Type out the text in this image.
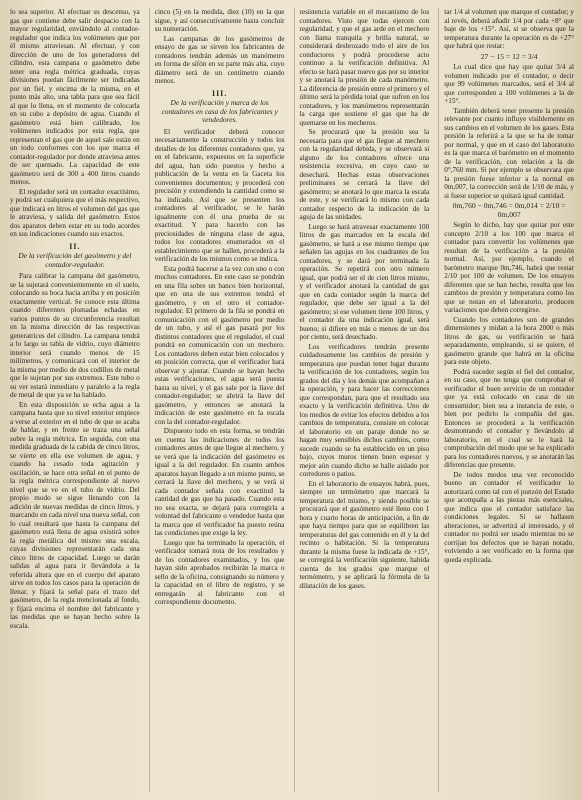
lo sea superior. Al efectuar su descenso, ya gas que contiene debe salir despacio con la mayor regularidad, enviándolo al contador-regulador que indica los volúmenes que por él mismo atraviesan. Al efectuar, y con dirección de uno de los generadores del cilindro, esta campana o gasómetro debe tener una regla métrica graduada, cuyas divisiones puedan fácilmente ser indicadas por un fiel, y encima de la misma, en el punto más alto, una tabla para que sea fácil al que lo llena, en el momento de colocarla en su cubo a depósito de agua. Cuando el gasómetro está bien calibrado, los volúmenes indicados por esta regla, que representan el gas que de aquel sale están en un todo conformes con los que marca el contador-regulador por donde atraviesa antes de ser quemado. La capacidad de este gasómetro será de 300 a 400 litros cuando menos.

El regulador será un contador exactísimo, y podrá ser cualquiera que el más respectivo, que indicará en litros el volumen del gas que le atraviesa, y salida del gasómetro. Estos dos aparatos deben estar en su todo acordes en sus indicaciones cuando sus exactos.

II.
De la verificación del gasómetro y del contador-regulador.

Para calibrar la campana del gasómetro, se la sujetará convenientemente en el suelo, colocando su boca hacia arriba y en posición exactamente vertical. Se conoce esta última cuando diferentes plomadas echadas en varios puntos de su circunferencia resultan en la misma dirección de las respectivas generatrices del cilindro. La campana tendrá a lo largo su tabla de vidrio, cuyo diámetro interior será cuando menos de 15 milímetros, y comunicará con el interior de la misma por medio de dos codillos de metal que le sujetan por sus extremos. Este tubo o su ver estará inmediato y paralelo a la regla de metal de que ya se ha hablado.

En esta disposición se echa agua a la campana hasta que su nivel exterior empiece a verse al exterior en el tubo de que se acaba de hablar, y en frente se traza una señal sobre la regla métrica. En seguida, con una medida graduada de la cabida de cinco litros, se vierte en ella ese volumen de agua, y cuando ha cesado toda agitación y oscilación, se hace otra señal en el punto de la regla métrica correspondiente al nuevo nivel que se ve en el tubo de vidrio. Del propio modo se sigue llenando con la adición de nuevas medidas de cinco litros, y marcando en cada nivel una nueva señal, con lo cual resultará que hasta la campana del gasómetro está llena de agua existirá sobre la regla metálica del mismo una escala, cuyas divisiones representarán cada una cinco litros de capacidad. Luego se darán salidas al agua para ir llevándola a la referida altura que en el cuerpo del aparato sirve en todos los casos para la operación de llenar, y fijará la señal para el trazo del gasómetro, de la regla mencionada al fondo, y fijará encima el nombre del fabricante y las medidas que se hayan hecho sobre la escala.

cinco (5) en la medida, diez (10) en la que sigue, y así consecutivamente hasta concluir su numeración.

Las campanas de los gasómetros de ensayo de gas se sirven los fabricantes de contadores tendrán además un manómetro en forma de sifón en su parte más alta, cuyo diámetro será de un centímetro cuando menos.

III.
De la verificación y marca de los contadores en casa de los fabricantes y vendedores.

El verificador deberá conocer necesariamente la construcción y todos los detalles de los diferentes contadores que, ya en el fabricante, expuestos en la superficie del agua, han sido puestos y hecho a publicación de la venta en la Gaceta los convenientes documentos; y procederá con precisión y extendiendo la cantidad como se ha indicado. Así que se presenten los contadores al verificador, se le harán igualmente con él una prueba de su exactitud. Y para hacerlo con las preciosidades de ninguna clase de agua, todos los contadores enumerados en el establecimiento que se hallen, procederá a la verificación de los mismos como se indica.

Esta podrá hacerse a la vez con uno o con muchos contadores. En este caso se pondrán en una fila sobre un banco bien horizontal, que en una de sus extremos tendrá el gasómetro, y en el otro el contador-regulador. El primero de la fila se pondrá en comunicación con el gasómetro por medio de un tubo, y así el gas pasará por los distintos contadores que el regulador, el cual pondrá en comunicación con un mechero. Los contadores deben estar bien colocados y en posición correcta, que el verificador hará observar y ajustar. Cuando se hayan hecho estas verificaciones, el agua será puesta hasta su nivel, y el gas sale por la llave del contador-regulador; se abrirá la llave del gasómetro, y entonces se anotará la indicación de este gasómetro en la escala con la del contador-regulador.

Dispuesto todo en esta forma, se tendrán en cuenta las indicaciones de todos los contadores antes de que llegue al mechero, y se verá que la indicación del gasómetro es igual a la del regulador. En cuanto ambos aparatos hayan llegado a un mismo punto, se cerrará la llave del mechero, y se verá si cada contador señala con exactitud la cantidad de gas que ha pasado. Cuando esta no sea exacta, se dejará para corregirla a voluntad del fabricante o vendedor hasta que la marca que el verificador ha puesto reúna las condiciones que exige la ley.

Luego que ha terminado la operación, el verificador tomará nota de los resultados y de los contadores examinados, y los que hayan sido aprobados recibirán la marca o sello de la oficina, consignando su número y la capacidad en el libro de registro, y se entregarán al fabricante con el correspondiente documento.

resistencia variable en el mecanismo de los contadores. Visto que todas ejercen con regularidad, y que el gas arde en el mechero con llama tranquila y brilla natural, se considerará desbrozado todo el aire de los conductores y podrá procederse acto continuo a la verificación definitiva. Al efecto se hará pasar nuevo gas por su interior y se anotará la presión de cada manómetro. La diferencia de presión entre el primero y el último será la pérdida total que sufren en los contadores, y los manómetros representarán la carga que sostiene el gas que ha de quemarse en los mecheros.

Se procurará que la presión sea la necesaria para que el gas llegue al mechero con la regularidad debida, y se observará si alguno de los contadores ofrece una resistencia excesiva, en cuyo caso se desechará. Hechas estas observaciones preliminares se cerrará la llave del gasómetro; se anotará lo que marca la escala de este, y se verificará lo mismo con cada contador respecto de la indicación de la aguja de las unidades.

Luego se hará atravesar exactamente 100 litros de gas marcados en la escala del gasómetro, se hará a ese mismo tiempo que señalen las agujas en los cuadrantes de los contadores, y se dará por terminada la operación. Se repetirá con otro número igual, que podrá ser el de cien litros mismo, y el verificador anotará la cantidad de gas que en cada contador según la marca del regulador, que debe ser igual a la del gasómetro; si ese volumen tiene 100 litros, y el contador da una indicación igual, será bueno; si difiere en más o menos de un dos por ciento, será desechado.

Los verificadores tendrán presente cuidadosamente los cambios de presión y temperatura que puedan tener lugar durante la verificación de los contadores, según los grados del día y los demás que acompañan a la operación, y para hacer las correcciones que correspondan, para que el resultado sea exacto y la verificación definitiva. Uno de los medios de evitar los efectos debidos a los cambios de temperatura, consiste en colocar el laboratorio en un paraje donde no se hagan muy sensibles dichos cambios, como sucede cuando se ha establecido en un piso bajo, cuyos muros tienen buen espesor y mejor aún cuando dicho se halle aislado por corredores o patios.

En el laboratorio de ensayos habrá, pues, siempre un termómetro que marcará la temperatura del mismo, y siendo posible se procurará que el gasómetro esté lleno con 1 hora y cuarto horas de anticipación, a fin de que haya tiempo para que se equilibren las temperaturas del gas contenido en él y la del recinto o habitación. Si la temperatura durante la misma fuese la indicada de +15°, se corregirá la verificación siguiente, habida cuenta de los grados que marque el termómetro, y se aplicará la fórmula de la dilatación de los gases.

tar 1/4 al volumen que marque el contador; y al revés, deberá añadir 1/4 por cada +8° que baje de los +15°. Así, si se observa que la temperatura durante la operación es de +27° que habrá que restar:

27 − 15 = 12 = 3/4

Lo cual dice que hay que quitar 3/4 al volumen indicado por el contador, o decir que 99 volúmenes marcados, será el 3/4 al que corresponden a 100 volúmenes a la de +15°.

También deberá tener presente la presión relevante por cuanto influye visiblemente en sus cambios en el volumen de los gases. Esta presión la referirá a la que se ha de tomar por normal, y que en el caso del laboratorio es la que marca el barómetro en el momento de la verificación, con relación a la de 0°,760 mm. Si por ejemplo se observara que la presión fuese inferior a la normal en 0m,007, la corrección será de 1/10 de más, y si fuese superior se quitará igual cantidad.

0m,760 − 0m,746 = 0m,014 = 2/10 = 0m,007

Según lo dicho, hay que quitar por este concepto 2/10 a los 100 que marca el contador para convertir los volúmenes que resultan de la verificación a la presión normal. Así, por ejemplo, cuando el barómetro marque 0m,746, habrá que restar 2/10 por 100 de volumen. De los ensayos diferentes que se han hecho, resulta que los cambios de presión y temperatura como los que se notan en el laboratorio, producen variaciones que deben corregirse.

Cuando los contadores son de grandes dimensiones y midan a la hora 2000 o más litros de gas, su verificación se hará separadamente, empleando, si se quiere, el gasómetro grande que habrá en la oficina para este objeto.

Podrá suceder según el fiel del contador, en su caso, que no tenga que comprobar el verificador el buen servicio de un contador que ya está colocado en casa de un consumidor; bien sea a instancia de este, o bien por pedirlo la compañía del gas. Entonces se procederá a la verificación desmontando el contador y llevándolo al laboratorio, en el cual se le hará la comprobación del modo que se ha explicado para los contadores nuevos, y se anotarán las diferencias que presente.

De todos modos una vez reconocido bueno un contador el verificador lo autorizará como tal con el punzón del Estado que acompaña a las piezas más esenciales, que indica que el contador satisface las condiciones legales. Si se hallasen alteraciones, se advertirá al interesado, y el contador no podrá ser usado mientras no se corrijan los defectos que se hayan notado, volviendo a ser verificado en la forma que queda explicada.
